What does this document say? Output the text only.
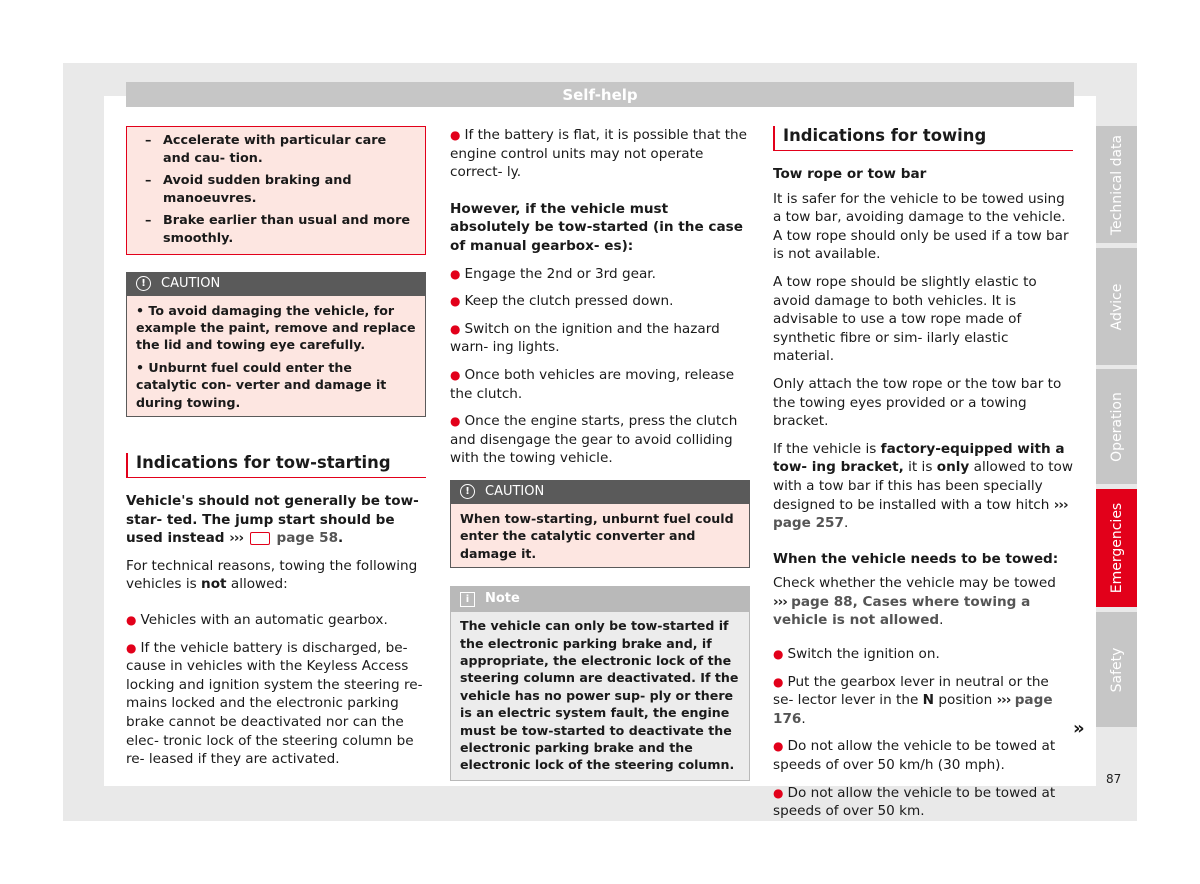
Self-help
– Accelerate with particular care and cau- tion.
– Avoid sudden braking and manoeuvres.
– Brake earlier than usual and more smoothly.
!	CAUTION

• To avoid damaging the vehicle, for example the paint, remove and replace the lid and towing eye carefully.

• Unburnt fuel could enter the catalytic con- verter and damage it during towing.

Indications for tow-starting

Vehicle's should not generally be tow-star- ted. The jump start should be used instead ››› page 58.

For technical reasons, towing the following vehicles is not allowed:

● Vehicles with an automatic gearbox.

● If the vehicle battery is discharged, be- cause in vehicles with the Keyless Access locking and ignition system the steering re- mains locked and the electronic parking brake cannot be deactivated nor can the elec- tronic lock of the steering column be re- leased if they are activated.

● If the battery is flat, it is possible that the engine control units may not operate correct- ly.

However, if the vehicle must absolutely be tow-started (in the case of manual gearbox- es):

● Engage the 2nd or 3rd gear.

● Keep the clutch pressed down.

● Switch on the ignition and the hazard warn- ing lights.

● Once both vehicles are moving, release the clutch.

● Once the engine starts, press the clutch and disengage the gear to avoid colliding with the towing vehicle.

!	CAUTION
When tow-starting, unburnt fuel could enter the catalytic converter and damage it.
i	Note
The vehicle can only be tow-started if the electronic parking brake and, if appropriate, the electronic lock of the steering column are deactivated. If the vehicle has no power sup- ply or there is an electric system fault, the engine must be tow-started to deactivate the electronic parking brake and the electronic lock of the steering column.
Indications for towing

Tow rope or tow bar

It is safer for the vehicle to be towed using a tow bar, avoiding damage to the vehicle. A tow rope should only be used if a tow bar is not available.

A tow rope should be slightly elastic to avoid damage to both vehicles. It is advisable to use a tow rope made of synthetic fibre or sim- ilarly elastic material.

Only attach the tow rope or the tow bar to the towing eyes provided or a towing bracket.

If the vehicle is factory-equipped with a tow- ing bracket, it is only allowed to tow with a tow bar if this has been specially designed to be installed with a tow hitch ››› page 257.

When the vehicle needs to be towed:

Check whether the vehicle may be towed
››› page 88, Cases where towing a vehicle is not allowed.

● Switch the ignition on.

● Put the gearbox lever in neutral or the se- lector lever in the N position ››› page 176.

● Do not allow the vehicle to be towed at speeds of over 50 km/h (30 mph).

● Do not allow the vehicle to be towed at speeds of over 50 km.

»
Technical data
Advice
Operation
Emergencies
Safety
87
